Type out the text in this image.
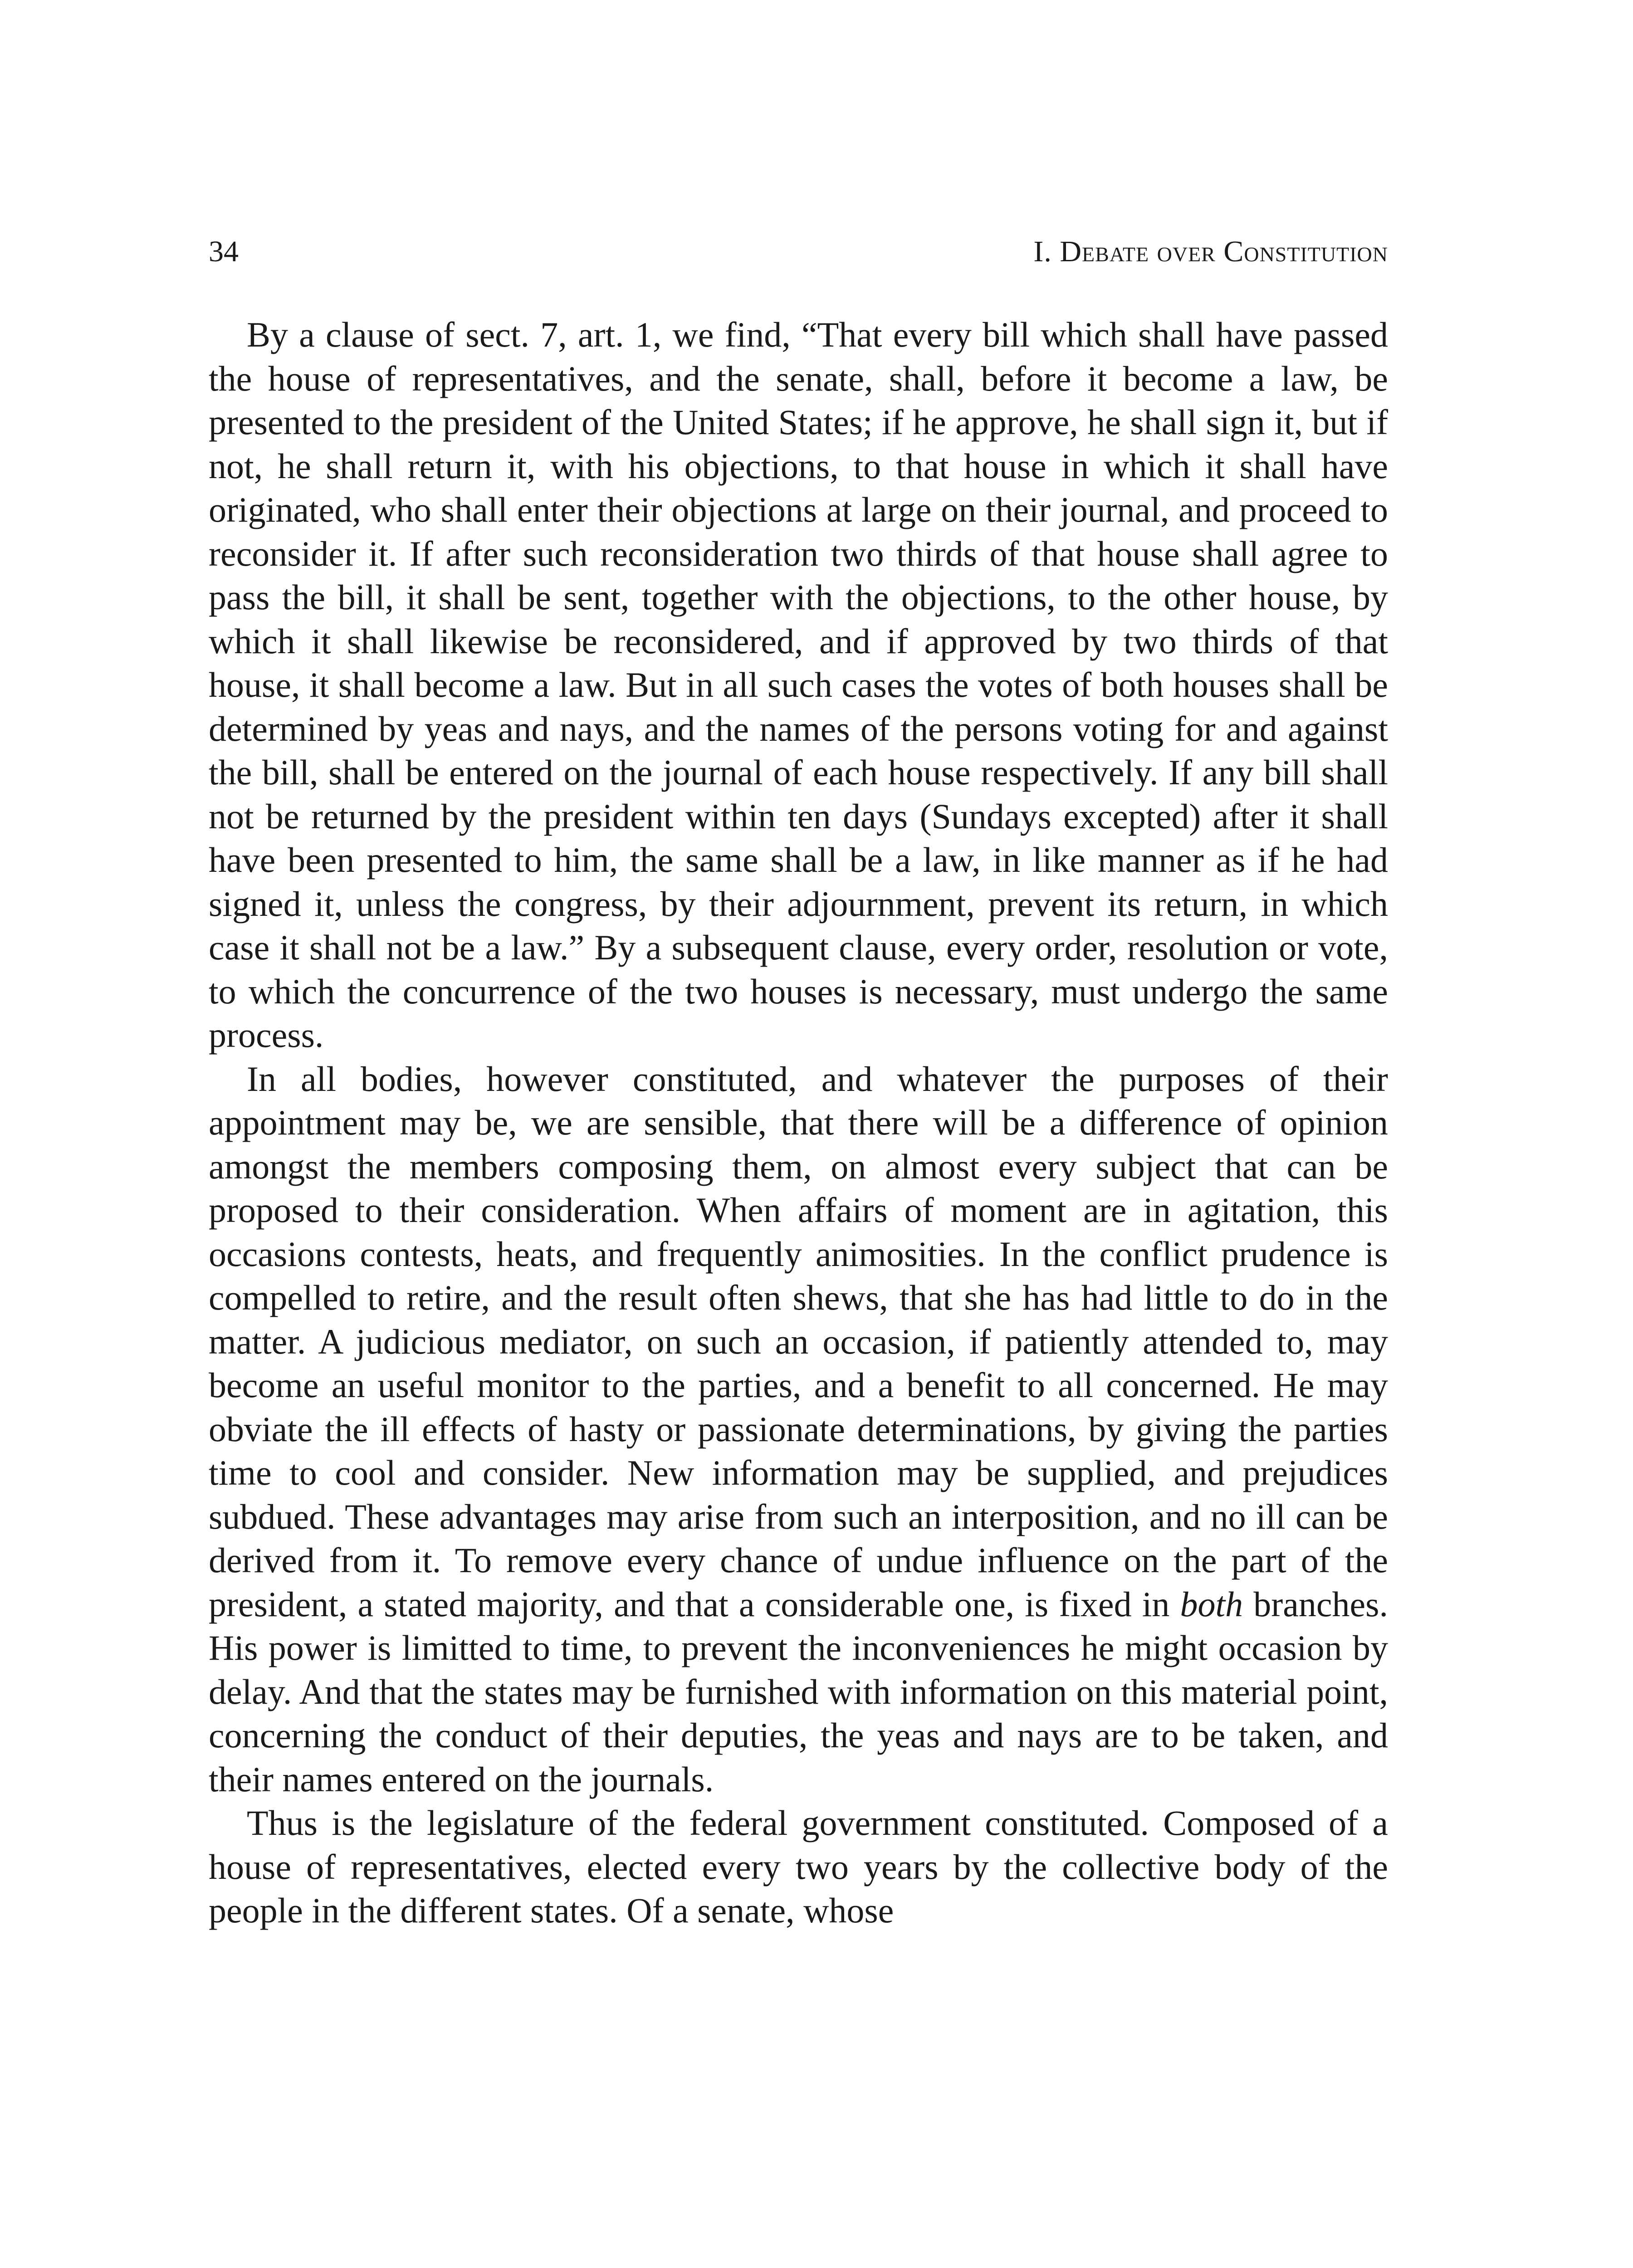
34	I. Debate over Constitution

By a clause of sect. 7, art. 1, we find, “That every bill which shall have passed the house of representatives, and the senate, shall, before it become a law, be presented to the president of the United States; if he approve, he shall sign it, but if not, he shall return it, with his objections, to that house in which it shall have originated, who shall enter their objections at large on their journal, and proceed to reconsider it. If after such reconsideration two thirds of that house shall agree to pass the bill, it shall be sent, together with the objections, to the other house, by which it shall likewise be reconsidered, and if approved by two thirds of that house, it shall become a law. But in all such cases the votes of both houses shall be determined by yeas and nays, and the names of the persons voting for and against the bill, shall be entered on the journal of each house respectively. If any bill shall not be returned by the president within ten days (Sundays excepted) after it shall have been presented to him, the same shall be a law, in like manner as if he had signed it, unless the congress, by their adjournment, prevent its return, in which case it shall not be a law.” By a subsequent clause, every order, resolution or vote, to which the concurrence of the two houses is necessary, must undergo the same process.

In all bodies, however constituted, and whatever the purposes of their appointment may be, we are sensible, that there will be a difference of opinion amongst the members composing them, on almost every subject that can be proposed to their consideration. When affairs of moment are in agitation, this occasions contests, heats, and frequently animosities. In the conflict prudence is compelled to retire, and the result often shews, that she has had little to do in the matter. A judicious mediator, on such an occasion, if patiently attended to, may become an useful monitor to the parties, and a benefit to all concerned. He may obviate the ill effects of hasty or passionate determinations, by giving the parties time to cool and consider. New information may be supplied, and prejudices subdued. These advantages may arise from such an interposition, and no ill can be derived from it. To remove every chance of undue influence on the part of the president, a stated majority, and that a considerable one, is fixed in both branches. His power is limitted to time, to prevent the inconveniences he might occasion by delay. And that the states may be furnished with information on this material point, concerning the conduct of their deputies, the yeas and nays are to be taken, and their names entered on the journals.

Thus is the legislature of the federal government constituted. Composed of a house of representatives, elected every two years by the collective body of the people in the different states. Of a senate, whose
